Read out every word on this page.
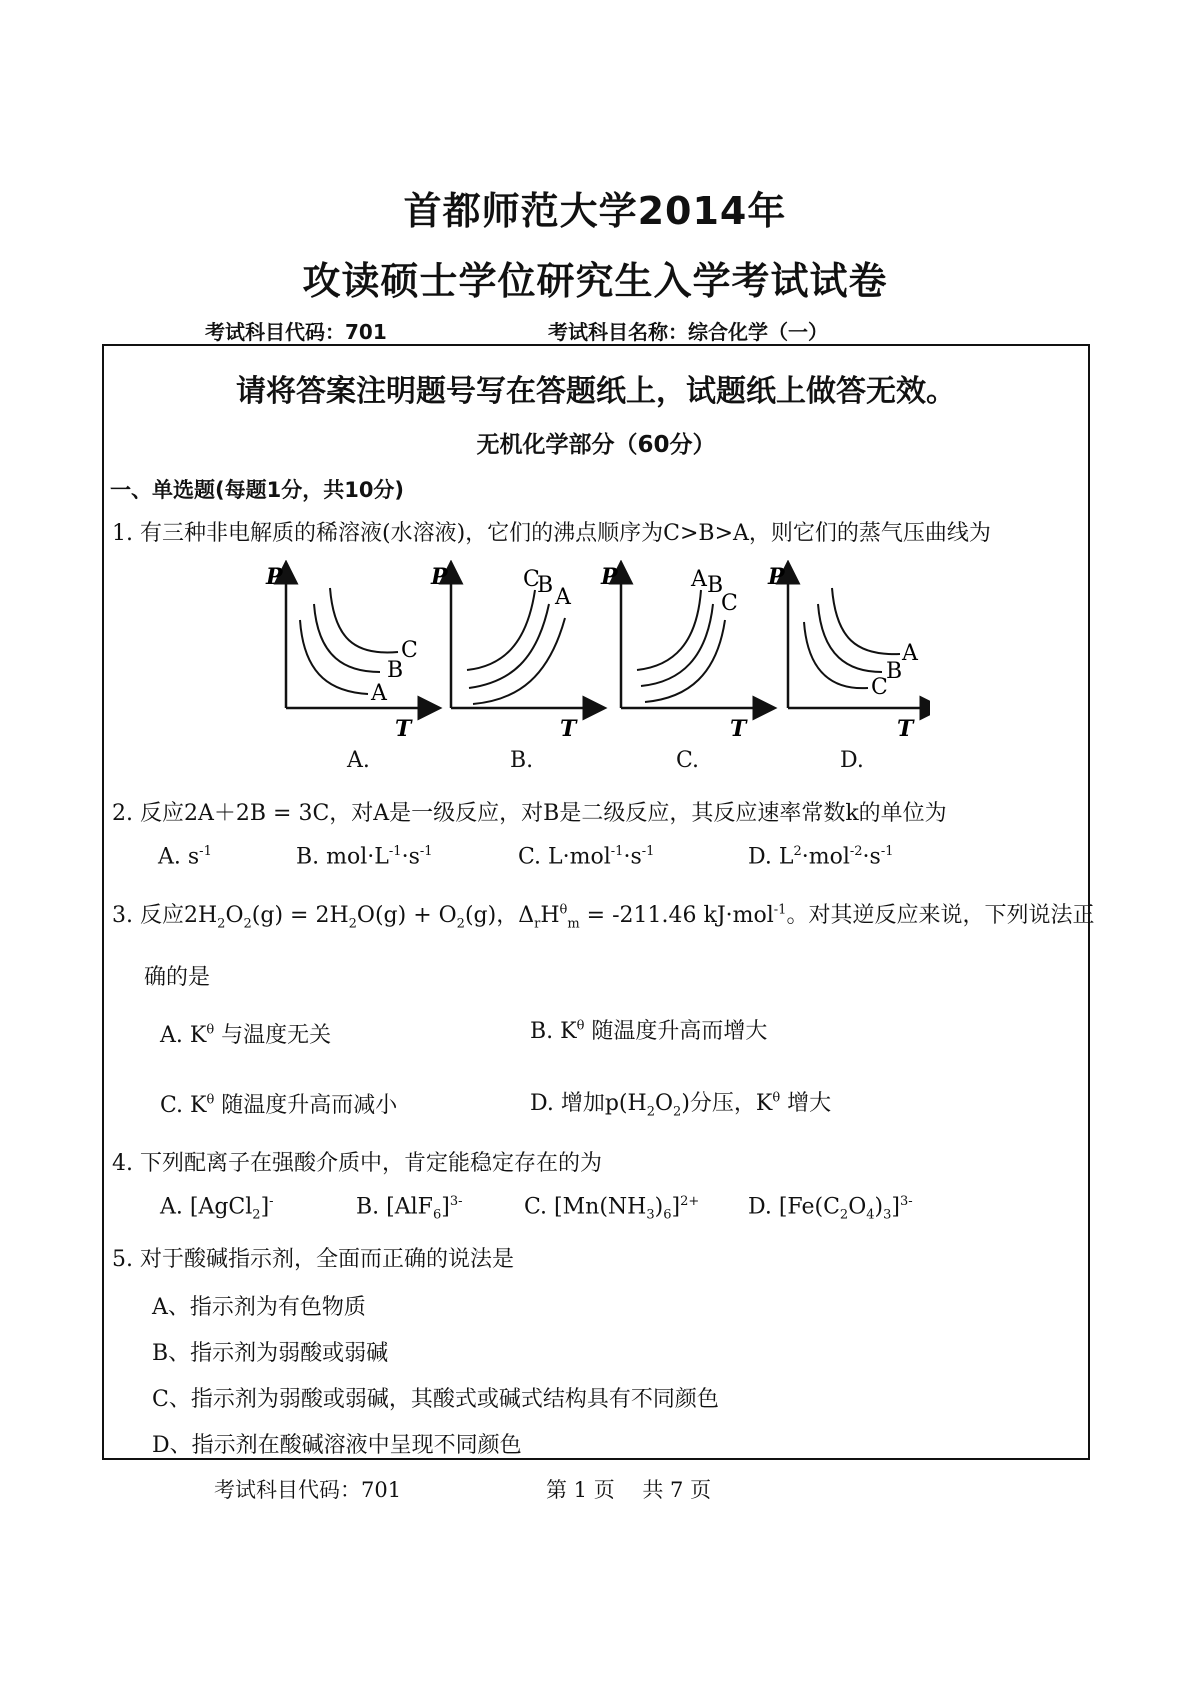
首都师范大学2014年
攻读硕士学位研究生入学考试试卷
考试科目代码：701	考试科目名称：综合化学（一）
请将答案注明题号写在答题纸上，试题纸上做答无效。
无机化学部分（60分）
一、单选题(每题1分，共10分)
1. 有三种非电解质的稀溶液(水溶液)，它们的沸点顺序为C>B>A，则它们的蒸气压曲线为
P
T
C
B
A
P
T
C
B A
P
T
A B
C
P
T
A
B
C
A.	B.	C.	D.
2. 反应2A＋2B = 3C，对A是一级反应，对B是二级反应，其反应速率常数k的单位为
A. $s^{-1}$	B. $mol\cdot L^{-1}\cdot s^{-1}$	C. $L\cdot mol^{-1}\cdot s^{-1}$	D. $L^2\cdot mol^{-2}\cdot s^{-1}$
3. 反应$2H_2O_2(g) = 2H_2O(g) + O_2(g)$，$\Delta_rH^\theta_m = -211.46$ kJ·mol$^{-1}$。对其逆反应来说，下列说法正
确的是
A. $K^\theta$ 与温度无关	B. $K^\theta$ 随温度升高而增大
C. $K^\theta$ 随温度升高而减小	D. 增加$p(H_2O_2)$分压，$K^\theta$ 增大
4. 下列配离子在强酸介质中，肯定能稳定存在的为
A. [AgCl$_2$]-	B. $[AlF_6]^{3-}$	C. $[Mn(NH_3)_6]^{2+}$ D. $[Fe(C_2O_4)_3]^{3-}$
5. 对于酸碱指示剂，全面而正确的说法是
A、指示剂为有色物质
B、指示剂为弱酸或弱碱
C、指示剂为弱酸或弱碱，其酸式或碱式结构具有不同颜色
D、指示剂在酸碱溶液中呈现不同颜色
考试科目代码：701	第 1 页　 共 7 页
